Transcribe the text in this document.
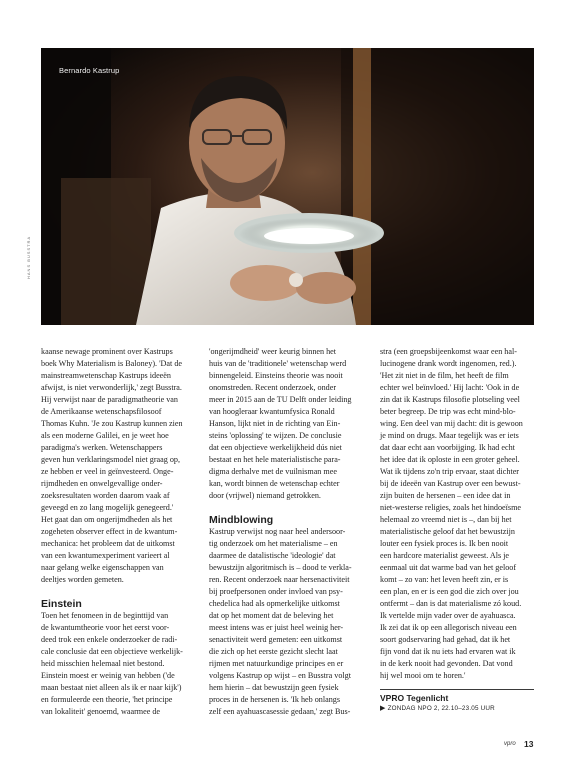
Bernardo Kastrup
HANS BUSSTRA

kaanse newage prominent over Kastrups

boek Why Materialism is Baloney). 'Dat de

mainstreamwetenschap Kastrups ideeën

afwijst, is niet verwonderlijk,' zegt Busstra.

Hij verwijst naar de paradigmatheorie van

de Amerikaanse wetenschapsfilosoof

Thomas Kuhn. 'Je zou Kastrup kunnen zien

als een moderne Galilei, en je weet hoe

paradigma's werken. Wetenschappers

geven hun verklaringsmodel niet graag op,

ze hebben er veel in geïnvesteerd. Onge-

rijmdheden en onwelgevallige onder-

zoeksresultaten worden daarom vaak af

geveegd en zo lang mogelijk genegeerd.'

Het gaat dan om ongerijmdheden als het

zogeheten observer effect in de kwantum-

mechanica: het probleem dat de uitkomst

van een kwantumexperiment varieert al

naar gelang welke eigenschappen van

deeltjes worden gemeten.

Einstein

Toen het fenomeen in de beginttijd van

de kwantumtheorie voor het eerst voor-

deed trok een enkele onderzoeker de radi-

cale conclusie dat een objectieve werkelijk-

heid misschien helemaal niet bestond.

Einstein moest er weinig van hebben ('de

maan bestaat niet alleen als ik er naar kijk')

en formuleerde een theorie, 'het principe

van lokaliteit' genoemd, waarmee de

'ongerijmdheid' weer keurig binnen het

huis van de 'traditionele' wetenschap werd

binnengeleid. Einsteins theorie was nooit

onomstreden. Recent onderzoek, onder

meer in 2015 aan de TU Delft onder leiding

van hoogleraar kwantumfysica Ronald

Hanson, lijkt niet in de richting van Ein-

steins 'oplossing' te wijzen. De conclusie

dat een objectieve werkelijkheid dús niet

bestaat en het hele materialistische para-

digma derhalve met de vuilnisman mee

kan, wordt binnen de wetenschap echter

door (vrijwel) niemand getrokken.

Mindblowing

Kastrup verwijst nog naar heel andersoor-

tig onderzoek om het materialisme – en

daarmee de datalistische 'ideologie' dat

bewustzijn algoritmisch is – dood te verkla-

ren. Recent onderzoek naar hersenactiviteit

bij proefpersonen onder invloed van psy-

chedelica had als opmerkelijke uitkomst

dat op het moment dat de beleving het

meest intens was er juist heel weinig her-

senactiviteit werd gemeten: een uitkomst

die zich op het eerste gezicht slecht laat

rijmen met natuurkundige principes en er

volgens Kastrup op wijst – en Busstra volgt

hem hierin – dat bewustzijn geen fysiek

proces in de hersenen is. 'Ik heb onlangs

zelf een ayahuascasessie gedaan,' zegt Bus-

stra (een groepsbijeenkomst waar een hal-

lucinogene drank wordt ingenomen, red.).

'Het zit niet in de film, het heeft de film

echter wel beïnvloed.' Hij lacht: 'Ook in de

zin dat ik Kastrups filosofie plotseling veel

beter begreep. De trip was echt mind-blo-

wing. Een deel van mij dacht: dit is gewoon

je mind on drugs. Maar tegelijk was er iets

dat daar echt aan voorbijging. Ik had echt

het idee dat ik oploste in een groter geheel.

Wat ik tijdens zo'n trip ervaar, staat dichter

bij de ideeën van Kastrup over een bewust-

zijn buiten de hersenen – een idee dat in

niet-westerse religies, zoals het hindoeïsme

helemaal zo vreemd niet is –, dan bij het

materialistische geloof dat het bewustzijn

louter een fysiek proces is. Ik ben nooit

een hardcore materialist geweest. Als je

eenmaal uit dat warme bad van het geloof

komt – zo van: het leven heeft zin, er is

een plan, en er is een god die zich over jou

ontfermt – dan is dat materialisme zó koud.

Ik vertelde mijn vader over de ayahuasca.

Ik zei dat ik op een allegorisch niveau een

soort godservaring had gehad, dat ik het

fijn vond dat ik nu iets had ervaren wat ik

in de kerk nooit had gevonden. Dat vond

hij wel mooi om te horen.'

VPRO Tegenlicht
▶ ZONDAG NPO 2, 22.10–23.05 UUR
vpro 13
